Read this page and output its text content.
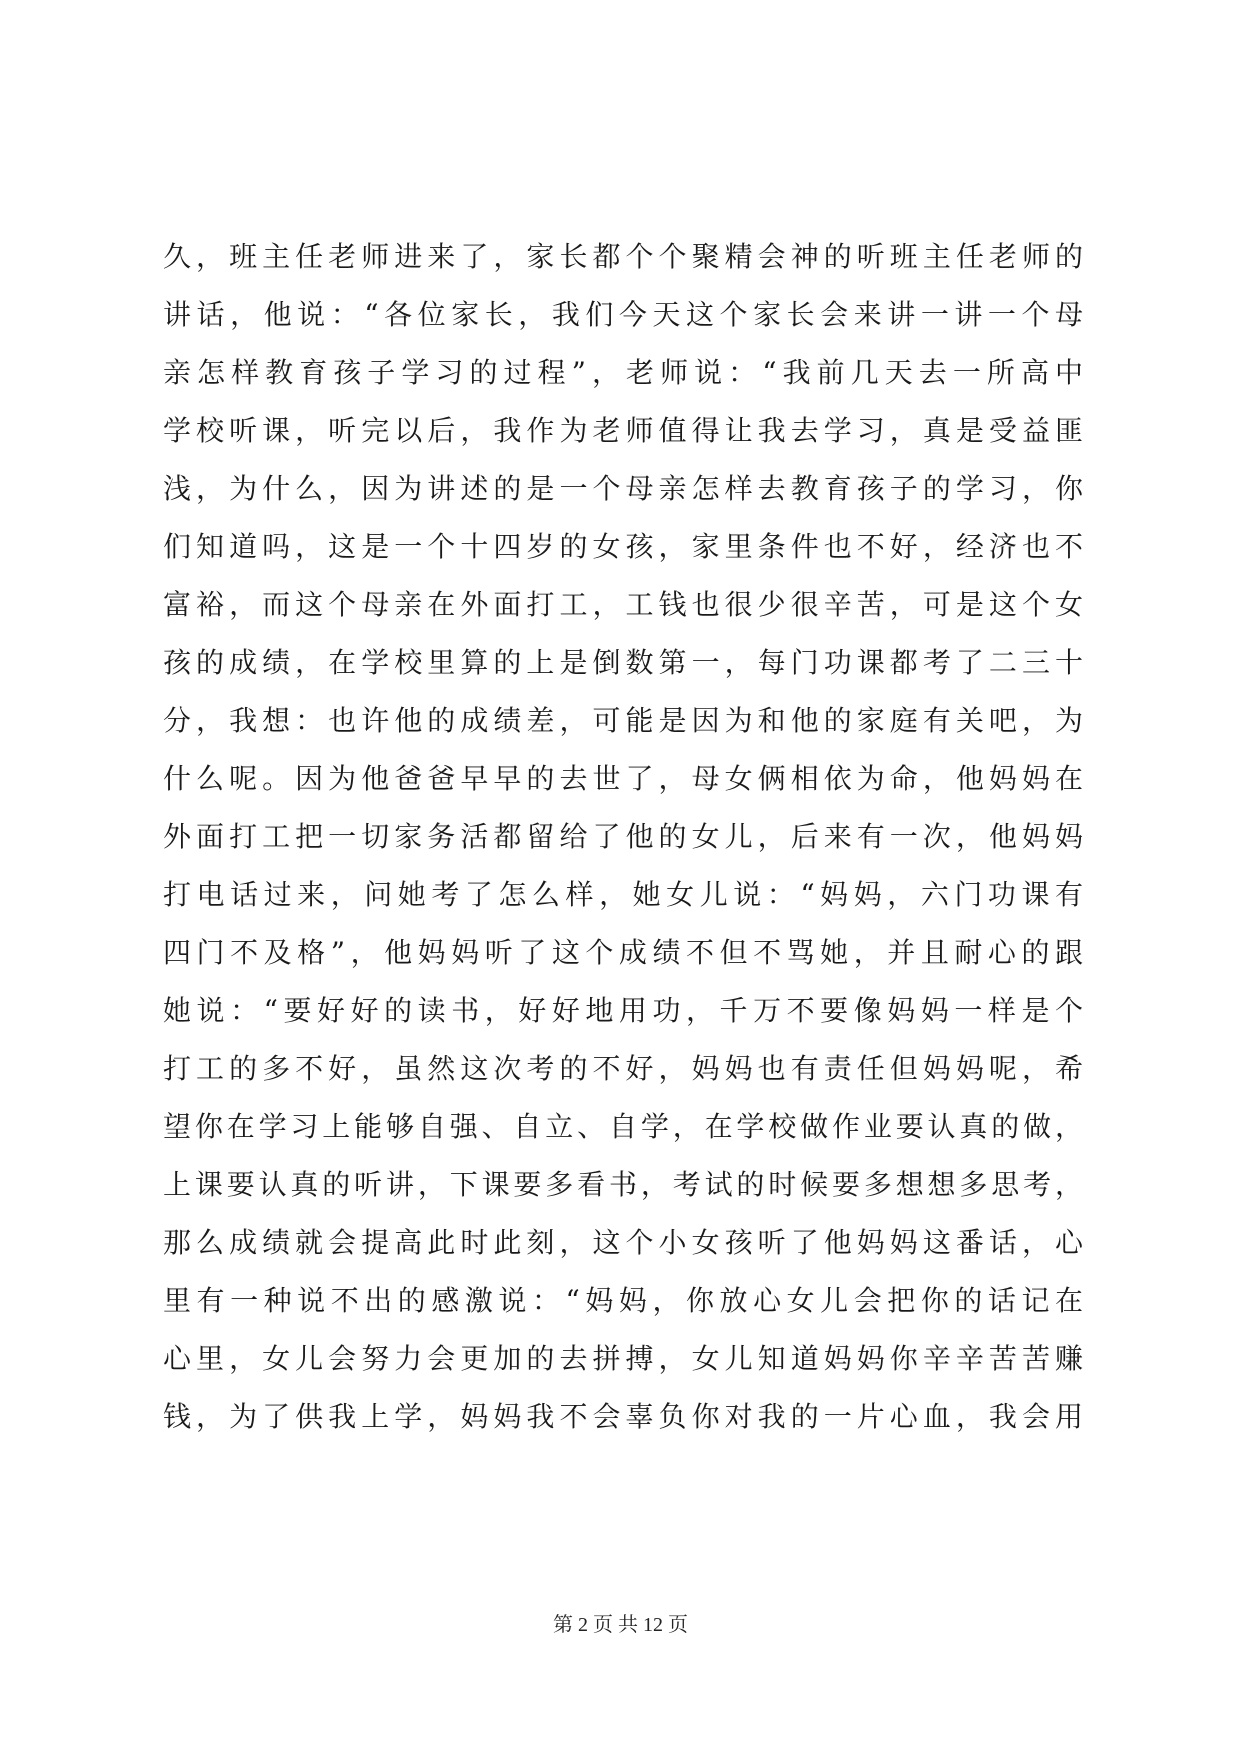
久，班主任老师进来了，家长都个个聚精会神的听班主任老师的
讲话，他说：“各位家长，我们今天这个家长会来讲一讲一个母
亲怎样教育孩子学习的过程”，老师说：“我前几天去一所高中
学校听课，听完以后，我作为老师值得让我去学习，真是受益匪
浅，为什么，因为讲述的是一个母亲怎样去教育孩子的学习，你
们知道吗，这是一个十四岁的女孩，家里条件也不好，经济也不
富裕，而这个母亲在外面打工，工钱也很少很辛苦，可是这个女
孩的成绩，在学校里算的上是倒数第一，每门功课都考了二三十
分，我想：也许他的成绩差，可能是因为和他的家庭有关吧，为
什么呢。因为他爸爸早早的去世了，母女俩相依为命，他妈妈在
外面打工把一切家务活都留给了他的女儿，后来有一次，他妈妈
打电话过来，问她考了怎么样，她女儿说：“妈妈，六门功课有
四门不及格”，他妈妈听了这个成绩不但不骂她，并且耐心的跟
她说：“要好好的读书，好好地用功，千万不要像妈妈一样是个
打工的多不好，虽然这次考的不好，妈妈也有责任但妈妈呢，希
望你在学习上能够自强、自立、自学，在学校做作业要认真的做，
上课要认真的听讲，下课要多看书，考试的时候要多想想多思考，
那么成绩就会提高此时此刻，这个小女孩听了他妈妈这番话，心
里有一种说不出的感激说：“妈妈，你放心女儿会把你的话记在
心里，女儿会努力会更加的去拼搏，女儿知道妈妈你辛辛苦苦赚
钱，为了供我上学，妈妈我不会辜负你对我的一片心血，我会用
第 2 页 共 12 页
